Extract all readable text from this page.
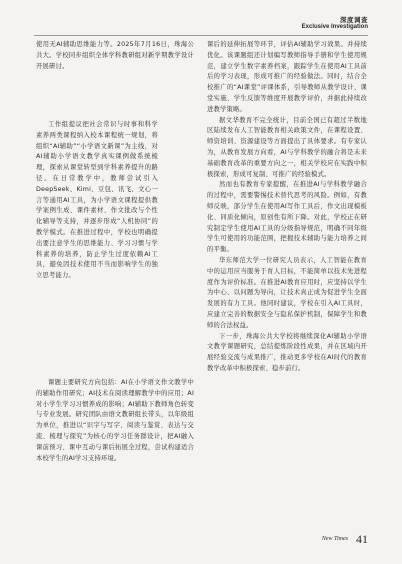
深度调查
Exclusive Investigation

使用无AI辅助思维能力等。2025年7月16日，珠海公共大。学校同步组织全体学科教研组对新学期教学设计开展研讨。

工作组提议把社会常识与时事和科学素养两类课程纳入校本课程统一规划，将组织“AI辅助”“小学语文新课”为主线，对AI辅助小学语文教学真实课例做系统梳理，探索从课堂转型到学科素养提升的路径。在日常教学中，教师尝试引入DeepSeek、Kimi、豆包、讯飞、文心一言等通用AI工具，为小学语文课程提供教学案例生成、课件素材、作文批改与个性化辅导等支持，并逐步形成“人机协同”的教学模式。在推进过程中，学校也明确提出要注意学生的思维能力、学习习惯与学科素养的培养，防止学生过度依赖AI工具，避免因技术使用不当而影响学生的独立思考能力。

课题主要研究方向包括：AI在小学语文作文教学中的辅助作用研究；AI技术在阅读理解教学中的应用；AI对小学生学习习惯养成的影响；AI辅助下教师角色转变与专业发展。研究团队由语文教研组长带头，以年级组为单位，推进以“识字与写字、阅读与鉴赏、表达与交流、梳理与探究”为核心的学习任务群设计，把AI融入课前预习、课中互动与课后拓展全过程，尝试构建适合本校学生的AI学习支持环境。

课后的延伸拓展等环节，评估AI辅助学习效果。并持续优化。该课题组还计划编写教师指导手册和学生使用规范，建立学生数字素养档案，跟踪学生在使用AI工具前后的学习表现，形成可推广的经验做法。同时，结合全校推广的“AI课堂”评课体系，引导教师从教学设计、课堂实施、学生反馈等维度开展教学评价，并据此持续改进教学策略。

据文华教育不完全统计，目前全国已有超过半数地区陆续发布人工智能教育相关政策文件，在课程设置、师资培训、资源建设等方面提出了具体要求。有专家认为，从教育发展方向看，AI与学科教学的融合将是未来基础教育改革的重要方向之一，相关学校应在实践中积极探索，形成可复制、可推广的经验模式。

然而也有教育专家提醒，在推进AI与学科教学融合的过程中，需要警惕技术替代思考的风险。例如，有教师反映，部分学生在使用AI写作工具后，作文出现模板化、同质化倾向，原创性有所下降。对此，学校正在研究制定学生使用AI工具的分级指导规范，明确不同年级学生可使用的功能范围，把握技术辅助与能力培养之间的平衡。

华东师范大学一位研究人员表示，人工智能在教育中的运用应当服务于育人目标，不能简单以技术先进程度作为评价标准。在推进AI教育应用时，应坚持以学生为中心、以问题为导向，让技术真正成为促进学生全面发展的有力工具。他同时建议，学校在引入AI工具时，应建立完善的数据安全与隐私保护机制，保障学生和教师的合法权益。

下一步，珠海公共大学校将继续深化AI辅助小学语文教学课题研究，总结提炼阶段性成果，并在区域内开展经验交流与成果推广，推动更多学校在AI时代的教育教学改革中积极探索、稳步前行。

New Times 41
